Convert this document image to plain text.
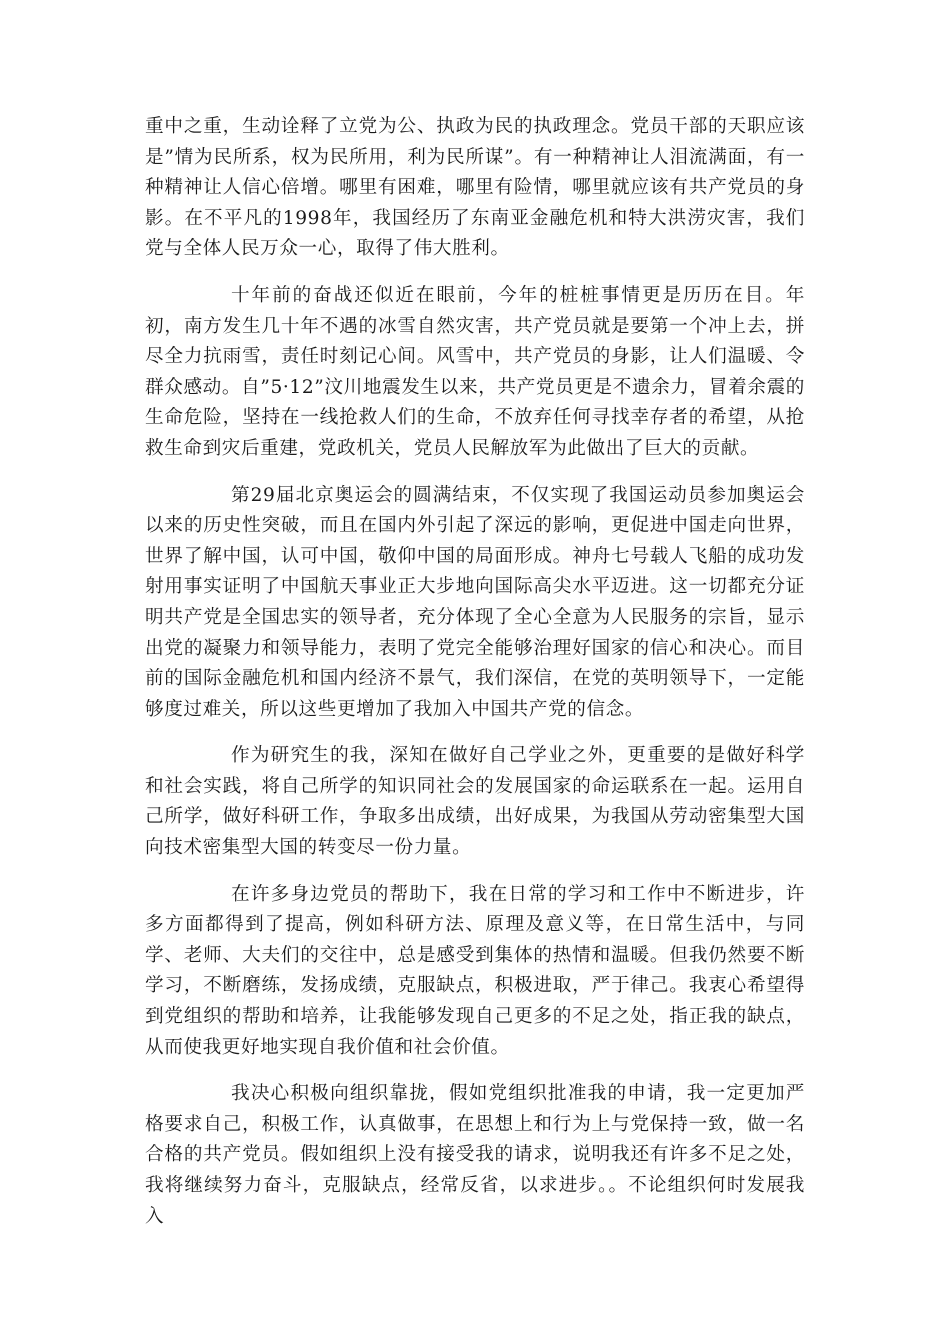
重中之重，生动诠释了立党为公、执政为民的执政理念。党员干部的天职应该是”情为民所系，权为民所用，利为民所谋”。有一种精神让人泪流满面，有一种精神让人信心倍增。哪里有困难，哪里有险情，哪里就应该有共产党员的身影。在不平凡的1998年，我国经历了东南亚金融危机和特大洪涝灾害，我们党与全体人民万众一心，取得了伟大胜利。

十年前的奋战还似近在眼前，今年的桩桩事情更是历历在目。年初，南方发生几十年不遇的冰雪自然灾害，共产党员就是要第一个冲上去，拼尽全力抗雨雪，责任时刻记心间。风雪中，共产党员的身影，让人们温暖、令群众感动。自”5·12”汶川地震发生以来，共产党员更是不遗余力，冒着余震的生命危险，坚持在一线抢救人们的生命，不放弃任何寻找幸存者的希望，从抢救生命到灾后重建，党政机关，党员人民解放军为此做出了巨大的贡献。

第29届北京奥运会的圆满结束，不仅实现了我国运动员参加奥运会以来的历史性突破，而且在国内外引起了深远的影响，更促进中国走向世界，世界了解中国，认可中国，敬仰中国的局面形成。神舟七号载人飞船的成功发射用事实证明了中国航天事业正大步地向国际高尖水平迈进。这一切都充分证明共产党是全国忠实的领导者，充分体现了全心全意为人民服务的宗旨，显示出党的凝聚力和领导能力，表明了党完全能够治理好国家的信心和决心。而目前的国际金融危机和国内经济不景气，我们深信，在党的英明领导下，一定能够度过难关，所以这些更增加了我加入中国共产党的信念。

作为研究生的我，深知在做好自己学业之外，更重要的是做好科学和社会实践，将自己所学的知识同社会的发展国家的命运联系在一起。运用自己所学，做好科研工作，争取多出成绩，出好成果，为我国从劳动密集型大国向技术密集型大国的转变尽一份力量。

在许多身边党员的帮助下，我在日常的学习和工作中不断进步，许多方面都得到了提高，例如科研方法、原理及意义等，在日常生活中，与同学、老师、大夫们的交往中，总是感受到集体的热情和温暖。但我仍然要不断学习，不断磨练，发扬成绩，克服缺点，积极进取，严于律己。我衷心希望得到党组织的帮助和培养，让我能够发现自己更多的不足之处，指正我的缺点，从而使我更好地实现自我价值和社会价值。

我决心积极向组织靠拢，假如党组织批准我的申请，我一定更加严格要求自己，积极工作，认真做事，在思想上和行为上与党保持一致，做一名合格的共产党员。假如组织上没有接受我的请求，说明我还有许多不足之处，我将继续努力奋斗，克服缺点，经常反省，以求进步。。不论组织何时发展我入
